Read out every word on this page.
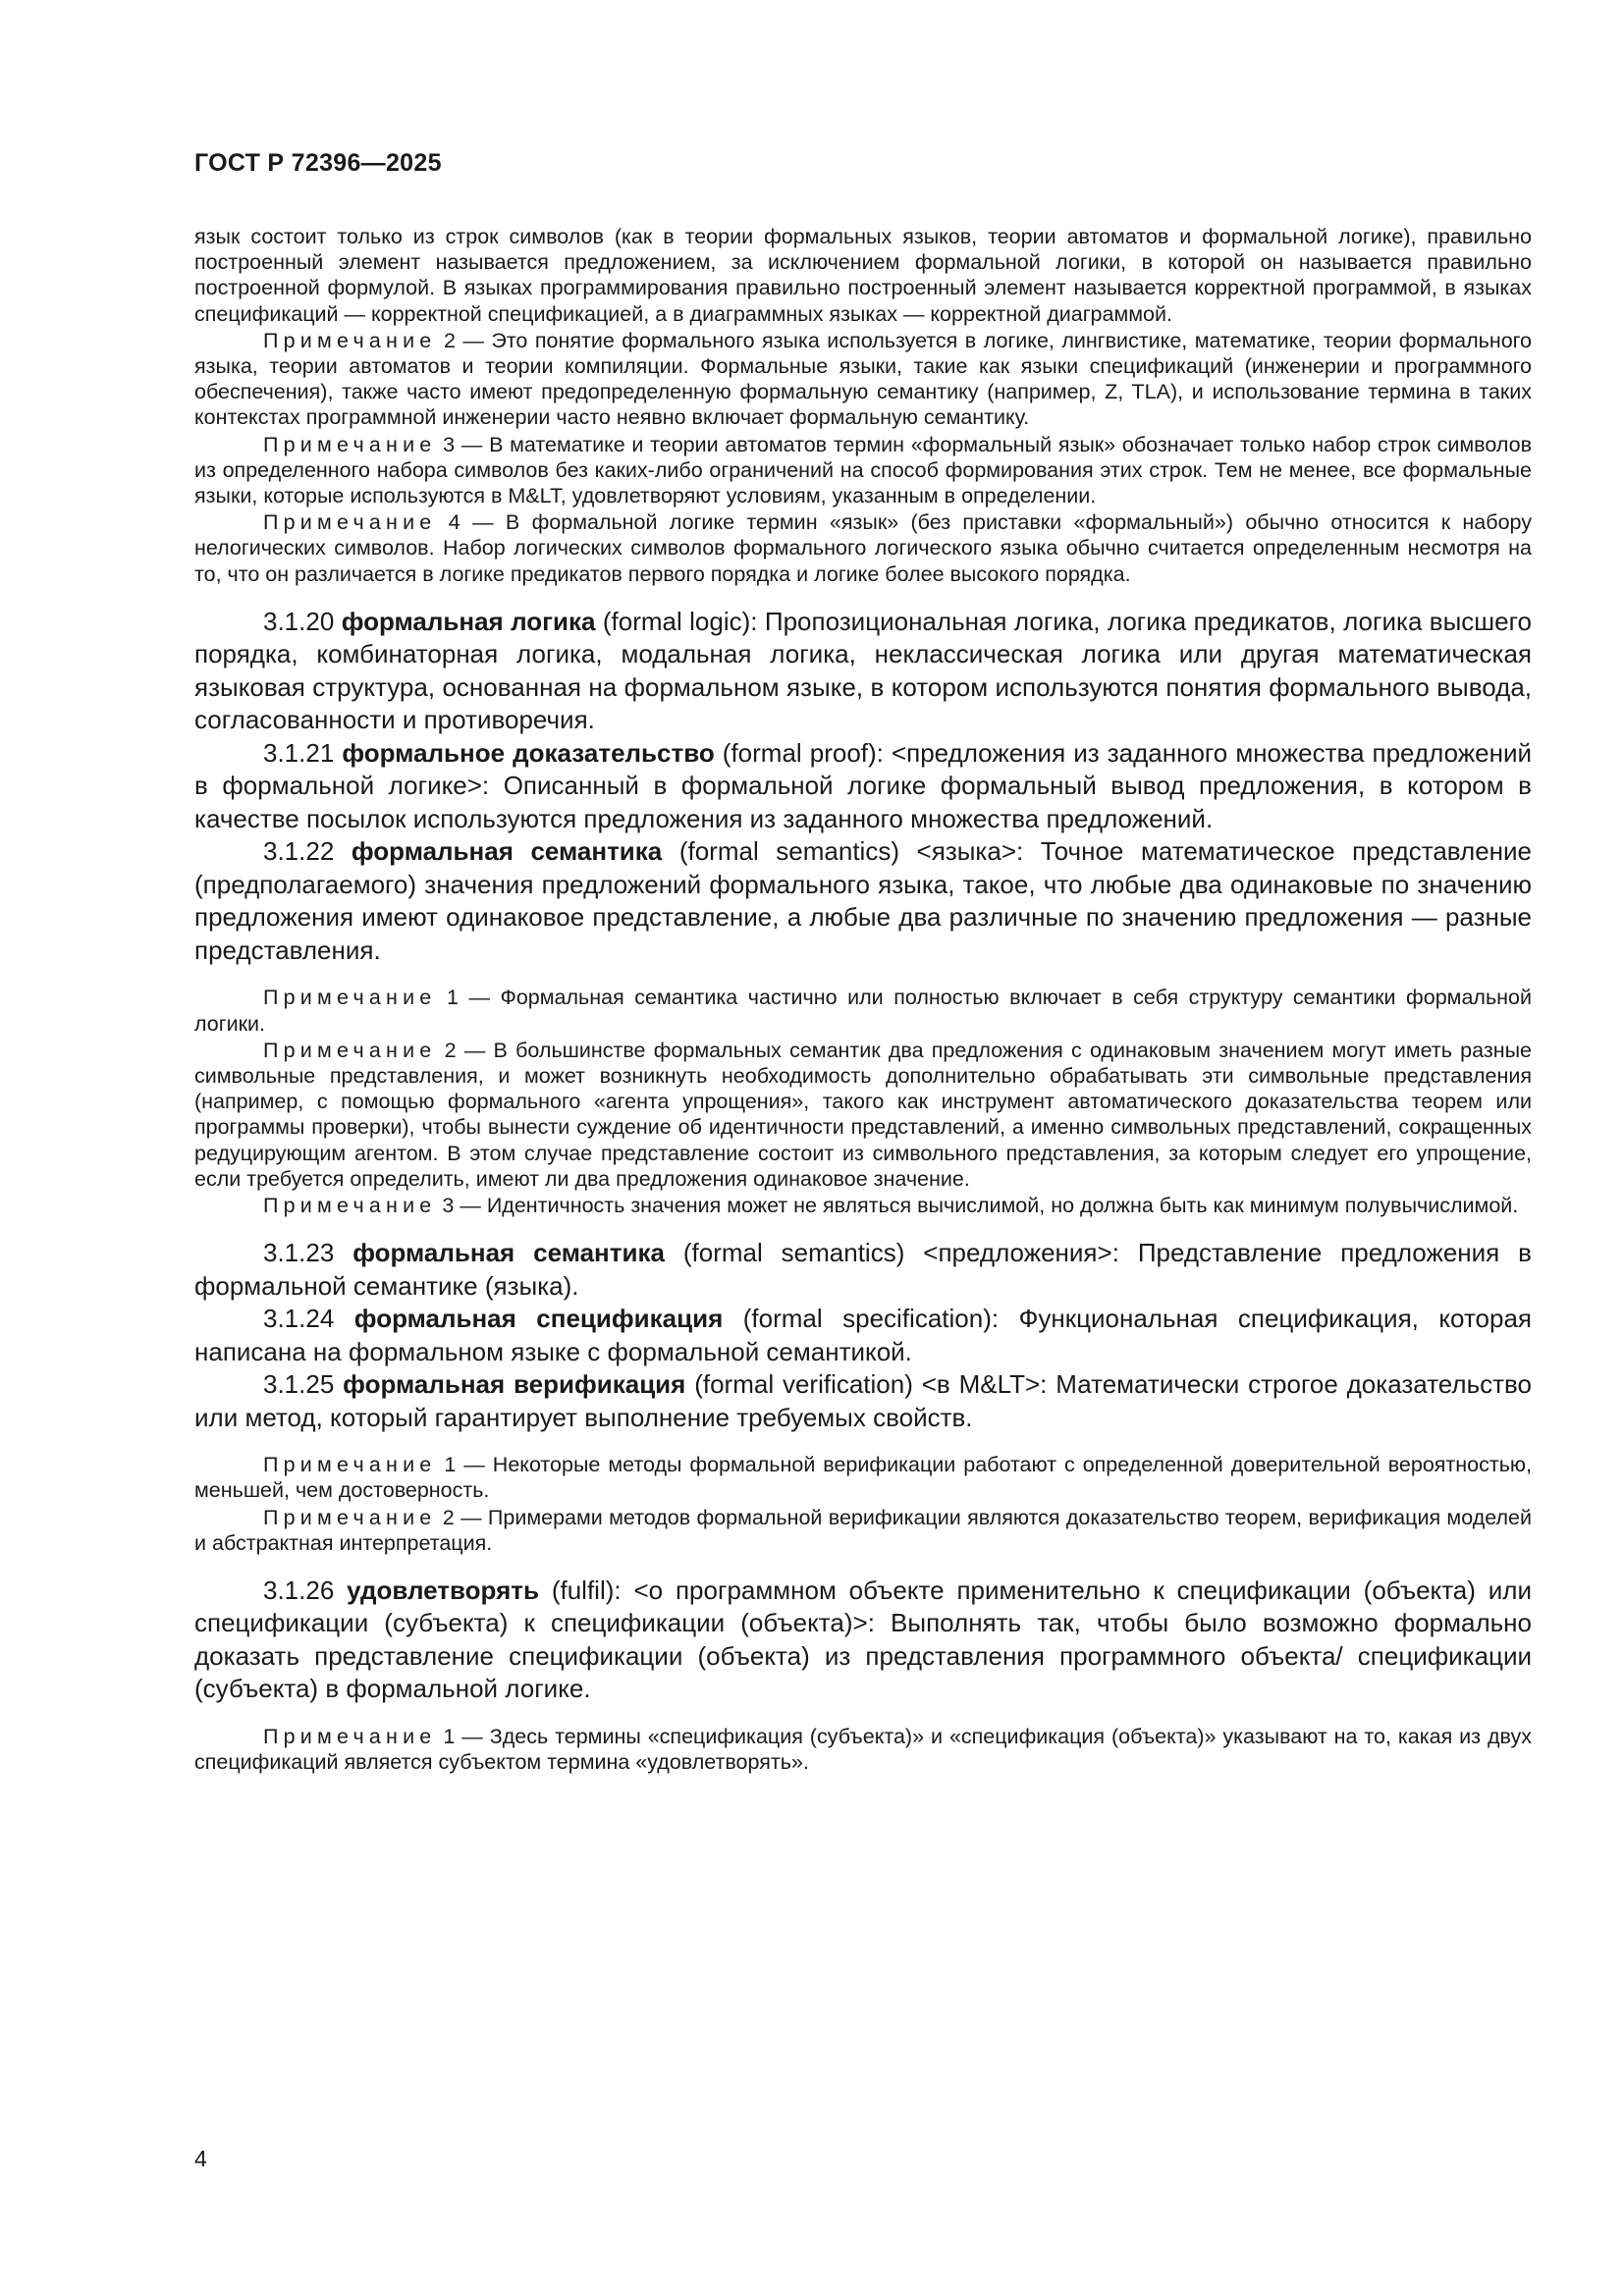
ГОСТ Р 72396—2025

язык состоит только из строк символов (как в теории формальных языков, теории автоматов и формальной логике), правильно построенный элемент называется предложением, за исключением формальной логики, в которой он называется правильно построенной формулой. В языках программирования правильно построенный элемент называется корректной программой, в языках спецификаций — корректной спецификацией, а в диаграммных языках — корректной диаграммой.

Примечание 2 — Это понятие формального языка используется в логике, лингвистике, математике, теории формального языка, теории автоматов и теории компиляции. Формальные языки, такие как языки спецификаций (инженерии и программного обеспечения), также часто имеют предопределенную формальную семантику (например, Z, TLA), и использование термина в таких контекстах программной инженерии часто неявно включает формальную семантику.

Примечание 3 — В математике и теории автоматов термин «формальный язык» обозначает только набор строк символов из определенного набора символов без каких-либо ограничений на способ формирования этих строк. Тем не менее, все формальные языки, которые используются в M&LT, удовлетворяют условиям, указанным в определении.

Примечание 4 — В формальной логике термин «язык» (без приставки «формальный») обычно относится к набору нелогических символов. Набор логических символов формального логического языка обычно считается определенным несмотря на то, что он различается в логике предикатов первого порядка и логике более высокого порядка.

3.1.20 формальная логика (formal logic): Пропозициональная логика, логика предикатов, логика высшего порядка, комбинаторная логика, модальная логика, неклассическая логика или другая математическая языковая структура, основанная на формальном языке, в котором используются понятия формального вывода, согласованности и противоречия.

3.1.21 формальное доказательство (formal proof): <предложения из заданного множества предложений в формальной логике>: Описанный в формальной логике формальный вывод предложения, в котором в качестве посылок используются предложения из заданного множества предложений.

3.1.22 формальная семантика (formal semantics) <языка>: Точное математическое представление (предполагаемого) значения предложений формального языка, такое, что любые два одинаковые по значению предложения имеют одинаковое представление, а любые два различные по значению предложения — разные представления.

Примечание 1 — Формальная семантика частично или полностью включает в себя структуру семантики формальной логики.

Примечание 2 — В большинстве формальных семантик два предложения с одинаковым значением могут иметь разные символьные представления, и может возникнуть необходимость дополнительно обрабатывать эти символьные представления (например, с помощью формального «агента упрощения», такого как инструмент автоматического доказательства теорем или программы проверки), чтобы вынести суждение об идентичности представлений, а именно символьных представлений, сокращенных редуцирующим агентом. В этом случае представление состоит из символьного представления, за которым следует его упрощение, если требуется определить, имеют ли два предложения одинаковое значение.

Примечание 3 — Идентичность значения может не являться вычислимой, но должна быть как минимум полувычислимой.

3.1.23 формальная семантика (formal semantics) <предложения>: Представление предложения в формальной семантике (языка).

3.1.24 формальная спецификация (formal specification): Функциональная спецификация, которая написана на формальном языке с формальной семантикой.

3.1.25 формальная верификация (formal verification) <в M&LT>: Математически строгое доказательство или метод, который гарантирует выполнение требуемых свойств.

Примечание 1 — Некоторые методы формальной верификации работают с определенной доверительной вероятностью, меньшей, чем достоверность.

Примечание 2 — Примерами методов формальной верификации являются доказательство теорем, верификация моделей и абстрактная интерпретация.

3.1.26 удовлетворять (fulfil): <о программном объекте применительно к спецификации (объекта) или спецификации (субъекта) к спецификации (объекта)>: Выполнять так, чтобы было возможно формально доказать представление спецификации (объекта) из представления программного объекта/ спецификации (субъекта) в формальной логике.

Примечание 1 — Здесь термины «спецификация (субъекта)» и «спецификация (объекта)» указывают на то, какая из двух спецификаций является субъектом термина «удовлетворять».

4
